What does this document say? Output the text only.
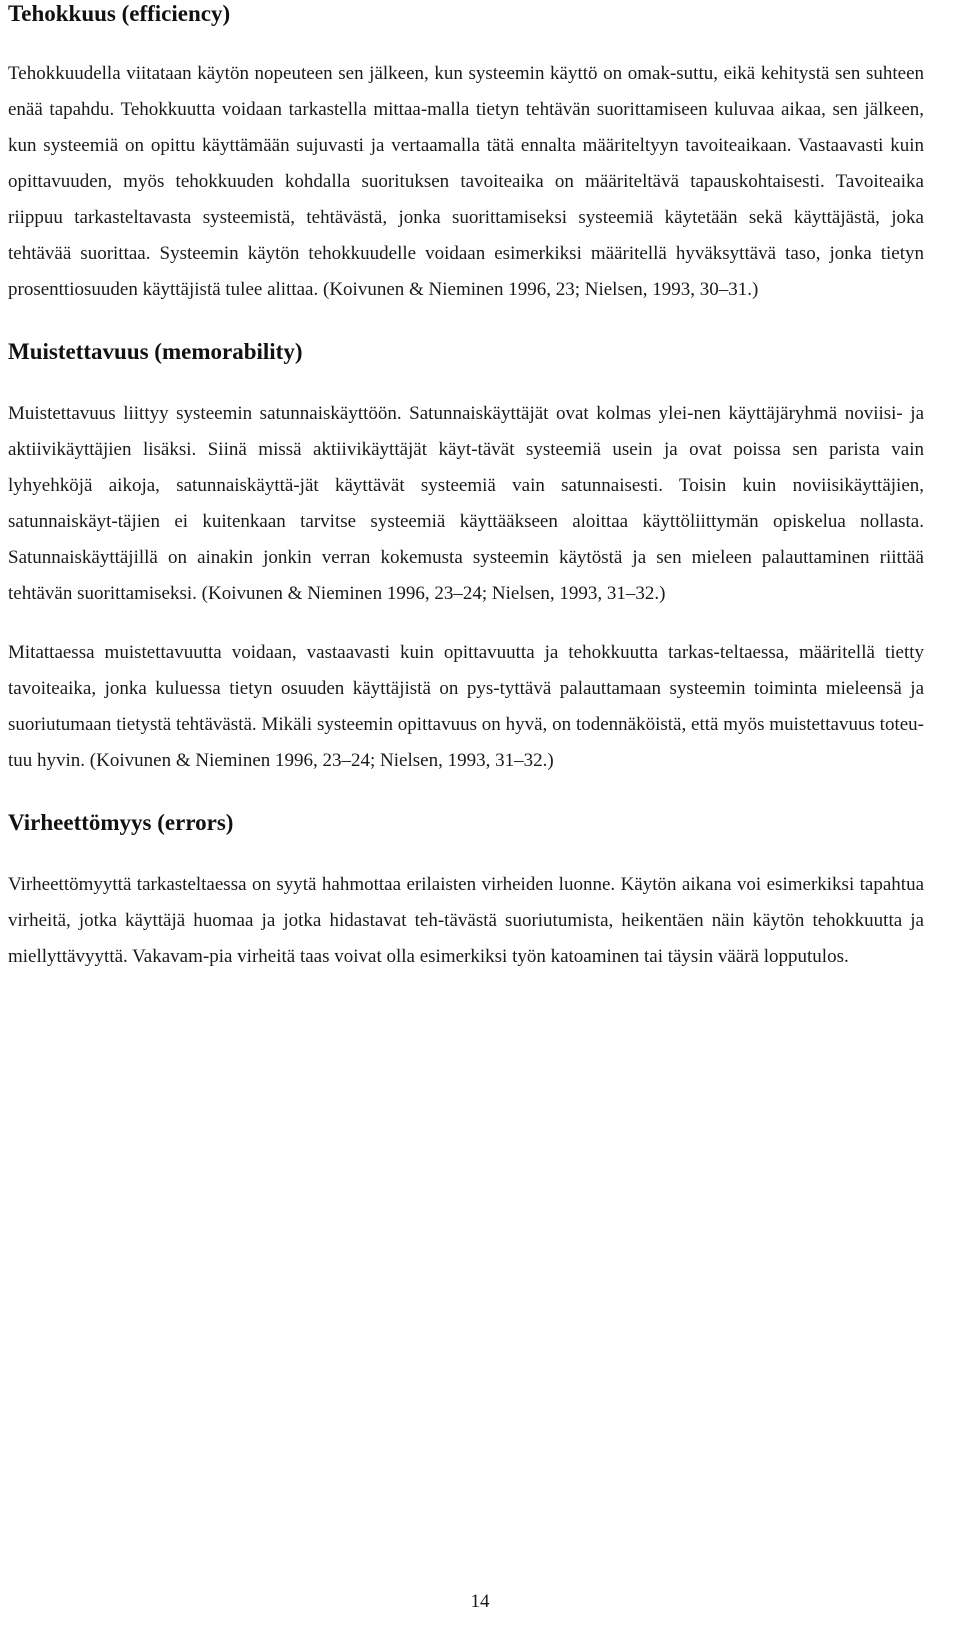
Tehokkuus (efficiency)

Tehokkuudella viitataan käytön nopeuteen sen jälkeen, kun systeemin käyttö on omak-suttu, eikä kehitystä sen suhteen enää tapahdu. Tehokkuutta voidaan tarkastella mittaa-malla tietyn tehtävän suorittamiseen kuluvaa aikaa, sen jälkeen, kun systeemiä on opittu käyttämään sujuvasti ja vertaamalla tätä ennalta määriteltyyn tavoiteaikaan. Vastaavasti kuin opittavuuden, myös tehokkuuden kohdalla suorituksen tavoiteaika on määriteltävä tapauskohtaisesti. Tavoiteaika riippuu tarkasteltavasta systeemistä, tehtävästä, jonka suorittamiseksi systeemiä käytetään sekä käyttäjästä, joka tehtävää suorittaa. Systeemin käytön tehokkuudelle voidaan esimerkiksi määritellä hyväksyttävä taso, jonka tietyn prosenttiosuuden käyttäjistä tulee alittaa. (Koivunen & Nieminen 1996, 23; Nielsen, 1993, 30–31.)

Muistettavuus (memorability)

Muistettavuus liittyy systeemin satunnaiskäyttöön. Satunnaiskäyttäjät ovat kolmas ylei-nen käyttäjäryhmä noviisi- ja aktiivikäyttäjien lisäksi. Siinä missä aktiivikäyttäjät käyt-tävät systeemiä usein ja ovat poissa sen parista vain lyhyehköjä aikoja, satunnaiskäyttä-jät käyttävät systeemiä vain satunnaisesti. Toisin kuin noviisikäyttäjien, satunnaiskäyt-täjien ei kuitenkaan tarvitse systeemiä käyttääkseen aloittaa käyttöliittymän opiskelua nollasta. Satunnaiskäyttäjillä on ainakin jonkin verran kokemusta systeemin käytöstä ja sen mieleen palauttaminen riittää tehtävän suorittamiseksi. (Koivunen & Nieminen 1996, 23–24; Nielsen, 1993, 31–32.)

Mitattaessa muistettavuutta voidaan, vastaavasti kuin opittavuutta ja tehokkuutta tarkas-teltaessa, määritellä tietty tavoiteaika, jonka kuluessa tietyn osuuden käyttäjistä on pys-tyttävä palauttamaan systeemin toiminta mieleensä ja suoriutumaan tietystä tehtävästä. Mikäli systeemin opittavuus on hyvä, on todennäköistä, että myös muistettavuus toteu-tuu hyvin. (Koivunen & Nieminen 1996, 23–24; Nielsen, 1993, 31–32.)

Virheettömyys (errors)

Virheettömyyttä tarkasteltaessa on syytä hahmottaa erilaisten virheiden luonne. Käytön aikana voi esimerkiksi tapahtua virheitä, jotka käyttäjä huomaa ja jotka hidastavat teh-tävästä suoriutumista, heikentäen näin käytön tehokkuutta ja miellyttävyyttä. Vakavam-pia virheitä taas voivat olla esimerkiksi työn katoaminen tai täysin väärä lopputulos.

14
